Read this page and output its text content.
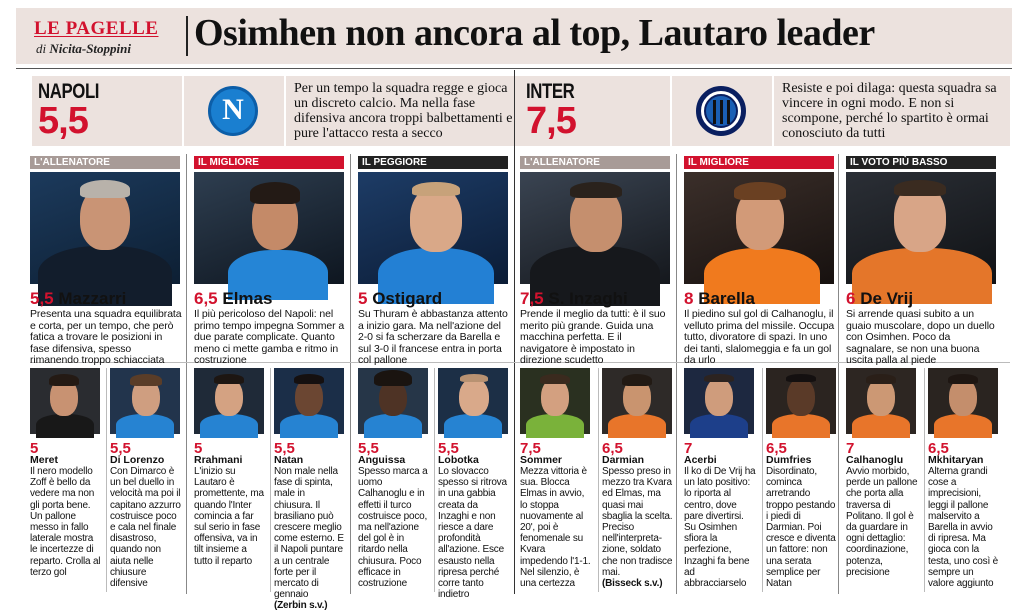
LE PAGELLE
di Nicita-Stoppini Osimhen non ancora al top, Lautaro leader
NAPOLI
5,5	N
Per un tempo la squadra regge e gioca un discreto calcio. Ma nella fase difensiva ancora troppi balbettamenti e pure l'attacco resta a secco
INTER
7,5
Resiste e poi dilaga: questa squadra sa vincere in ogni modo. E non si scompone, perché lo spartito è ormai conosciuto da tutti
L'ALLENATORE
5,5 Mazzarri
Presenta una squadra equilibrata e corta, per un tempo, che però fatica a trovare le posizioni in fase difensiva, spesso rimanendo troppo schiacciata
IL MIGLIORE
6,5 Elmas
Il più pericoloso del Napoli: nel primo tempo impegna Sommer a due parate complicate. Quanto meno ci mette gamba e ritmo in costruzione
IL PEGGIORE
5 Ostigard
Su Thuram è abbastanza attento a inizio gara. Ma nell'azione del 2-0 si fa scherzare da Barella e sul 3-0 il francese entra in porta col pallone
L'ALLENATORE
7,5 S. Inzaghi
Prende il meglio da tutti: è il suo merito più grande. Guida una macchina perfetta. E il navigatore è impostato in direzione scudetto
IL MIGLIORE
8 Barella
Il piedino sul gol di Calhanoglu, il velluto prima del missile. Occupa tutto, divoratore di spazi. In uno dei tanti, slalomeggia e fa un gol da urlo
IL VOTO PIÙ BASSO
6 De Vrij
Si arrende quasi subito a un guaio muscolare, dopo un duello con Osimhen. Poco da sagnalare, se non una buona uscita palla al piede
5
Meret
Il nero modello Zoff è bello da vedere ma non gli porta bene. Un pallone messo in fallo laterale mostra le incertezze di reparto. Crolla al terzo gol
5,5
Di Lorenzo
Con Dimarco è un bel duello in velocità ma poi il capitano azzurro costruisce poco e cala nel finale disastroso, quando non aiuta nelle chiusure difensive
5
Rrahmani
L'inizio su Lautaro è promettente, ma quando l'Inter comincia a far sul serio in fase offensiva, va in tilt insieme a tutto il reparto
5,5
Natan
Non male nella fase di spinta, male in chiusura. Il brasiliano può crescere meglio come esterno. E il Napoli puntare a un centrale forte per il mercato di gennaio
(Zerbin s.v.)
5,5
Anguissa
Spesso marca a uomo Calhanoglu e in effetti il turco costruisce poco, ma nell'azione del gol è in ritardo nella chiusura. Poco efficace in costruzione
5,5
Lobotka
Lo slovacco spesso si ritrova in una gabbia creata da Inzaghi e non riesce a dare profondità all'azione. Esce esausto nella ripresa perché corre tanto indietro
7,5
Sommer
Mezza vittoria è sua. Blocca Elmas in avvio, lo stoppa nuovamente al 20', poi è fenomenale su Kvara impedendo l'1-1. Nel silenzio, è una certezza
6,5
Darmian
Spesso preso in mezzo tra Kvara ed Elmas, ma quasi mai sbaglia la scelta. Preciso nell'interpreta-zione, soldato che non tradisce mai.
(Bisseck s.v.)
7
Acerbi
Il ko di De Vrij ha un lato positivo: lo riporta al centro, dove pare divertirsi. Su Osimhen sfiora la perfezione, Inzaghi fa bene ad abbracciarselo
6,5
Dumfries
Disordinato, cominca arretrando troppo pestando i piedi di Darmian. Poi cresce e diventa un fattore: non una serata semplice per Natan
7
Calhanoglu
Avvio morbido, perde un pallone che porta alla traversa di Politano. Il gol è da guardare in ogni dettaglio: coordinazione, potenza, precisione
6,5
Mkhitaryan
Alterna grandi cose a imprecisioni, leggi il pallone malservito a Barella in avvio di ripresa. Ma gioca con la testa, uno così è sempre un valore aggiunto
